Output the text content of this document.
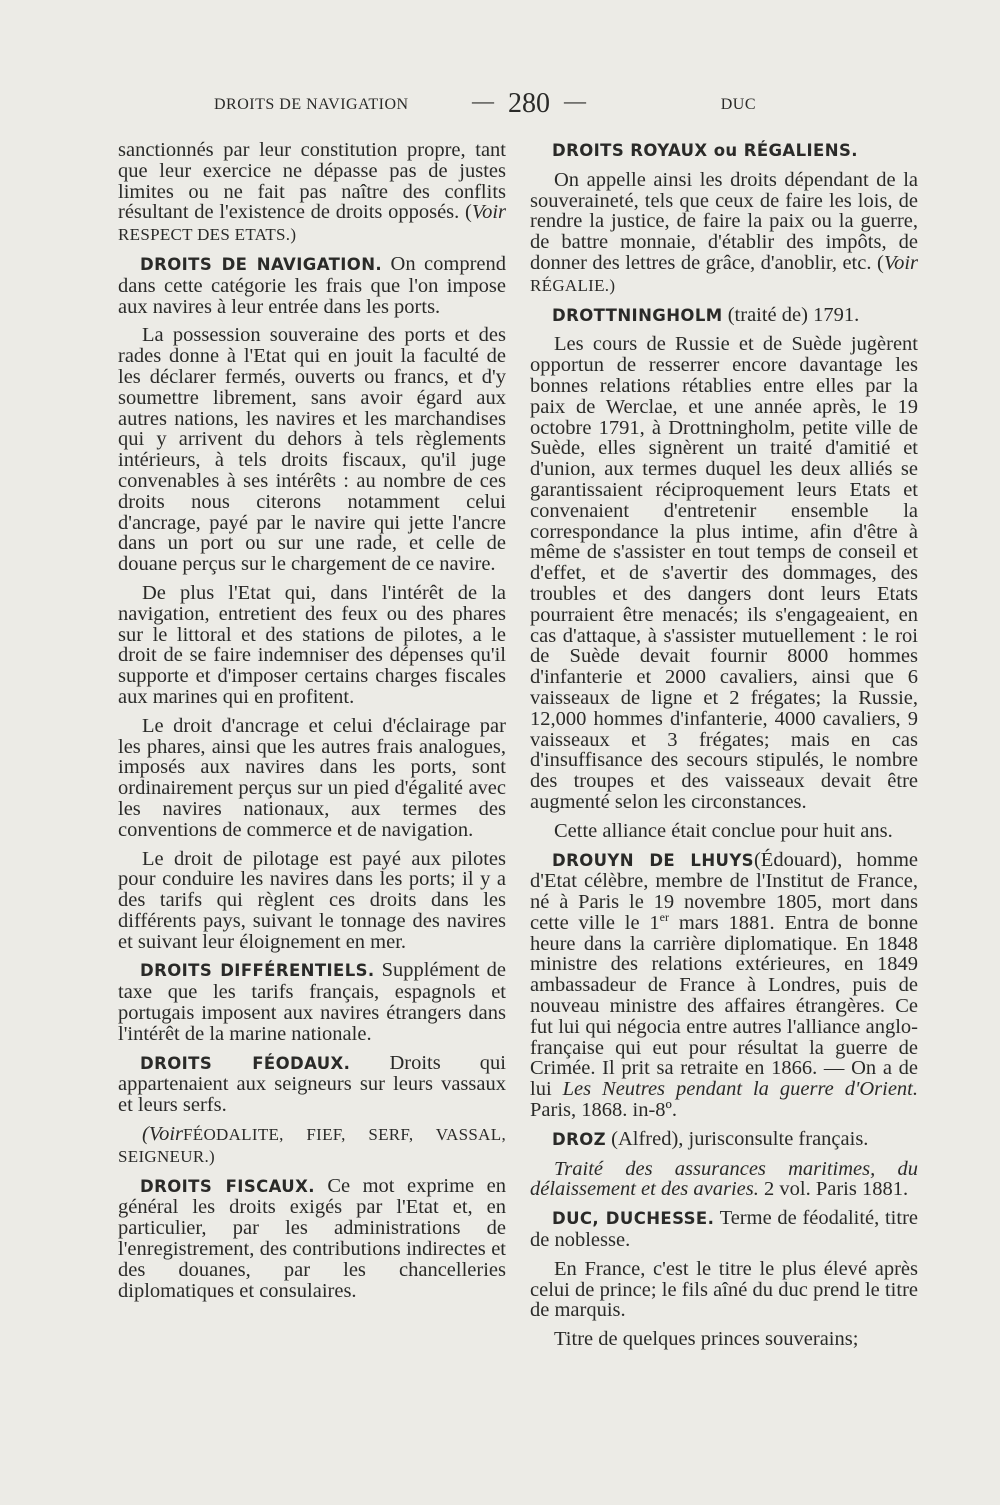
DROITS DE NAVIGATION	— 280 —	DUC

sanctionnés par leur constitution propre, tant que leur exercice ne dépasse pas de justes limites ou ne fait pas naître des conflits résultant de l'existence de droits opposés. (Voir RESPECT DES ETATS.)

DROITS DE NAVIGATION. On comprend dans cette catégorie les frais que l'on impose aux navires à leur entrée dans les ports.

La possession souveraine des ports et des rades donne à l'Etat qui en jouit la faculté de les déclarer fermés, ouverts ou francs, et d'y soumettre librement, sans avoir égard aux autres nations, les navires et les marchandises qui y arrivent du dehors à tels règlements intérieurs, à tels droits fiscaux, qu'il juge convenables à ses intérêts : au nombre de ces droits nous citerons notamment celui d'ancrage, payé par le navire qui jette l'ancre dans un port ou sur une rade, et celle de douane perçus sur le chargement de ce navire.

De plus l'Etat qui, dans l'intérêt de la navigation, entretient des feux ou des phares sur le littoral et des stations de pilotes, a le droit de se faire indemniser des dépenses qu'il supporte et d'imposer certains charges fiscales aux marines qui en profitent.

Le droit d'ancrage et celui d'éclairage par les phares, ainsi que les autres frais analogues, imposés aux navires dans les ports, sont ordinairement perçus sur un pied d'égalité avec les navires nationaux, aux termes des conventions de commerce et de navigation.

Le droit de pilotage est payé aux pilotes pour conduire les navires dans les ports; il y a des tarifs qui règlent ces droits dans les différents pays, suivant le tonnage des navires et suivant leur éloignement en mer.

DROITS DIFFÉRENTIELS. Supplément de taxe que les tarifs français, espagnols et portugais imposent aux navires étrangers dans l'intérêt de la marine nationale.

DROITS FÉODAUX. Droits qui appartenaient aux seigneurs sur leurs vassaux et leurs serfs.

(VoirFÉODALITE, FIEF, SERF, VASSAL, SEIGNEUR.)

DROITS FISCAUX. Ce mot exprime en général les droits exigés par l'Etat et, en particulier, par les administrations de l'enregistrement, des contributions indirectes et des douanes, par les chancelleries diplomatiques et consulaires.

DROITS ROYAUX ou RÉGALIENS.

On appelle ainsi les droits dépendant de la souveraineté, tels que ceux de faire les lois, de rendre la justice, de faire la paix ou la guerre, de battre monnaie, d'établir des impôts, de donner des lettres de grâce, d'anoblir, etc. (Voir RÉGALIE.)

DROTTNINGHOLM (traité de) 1791.

Les cours de Russie et de Suède jugèrent opportun de resserrer encore davantage les bonnes relations rétablies entre elles par la paix de Werclae, et une année après, le 19 octobre 1791, à Drottningholm, petite ville de Suède, elles signèrent un traité d'amitié et d'union, aux termes duquel les deux alliés se garantissaient réciproquement leurs Etats et convenaient d'entretenir ensemble la correspondance la plus intime, afin d'être à même de s'assister en tout temps de conseil et d'effet, et de s'avertir des dommages, des troubles et des dangers dont leurs Etats pourraient être menacés; ils s'engageaient, en cas d'attaque, à s'assister mutuellement : le roi de Suède devait fournir 8000 hommes d'infanterie et 2000 cavaliers, ainsi que 6 vaisseaux de ligne et 2 frégates; la Russie, 12,000 hommes d'infanterie, 4000 cavaliers, 9 vaisseaux et 3 frégates; mais en cas d'insuffisance des secours stipulés, le nombre des troupes et des vaisseaux devait être augmenté selon les circonstances.

Cette alliance était conclue pour huit ans.

DROUYN DE LHUYS(Édouard), homme d'Etat célèbre, membre de l'Institut de France, né à Paris le 19 novembre 1805, mort dans cette ville le 1er mars 1881. Entra de bonne heure dans la carrière diplomatique. En 1848 ministre des relations extérieures, en 1849 ambassadeur de France à Londres, puis de nouveau ministre des affaires étrangères. Ce fut lui qui négocia entre autres l'alliance anglo-française qui eut pour résultat la guerre de Crimée. Il prit sa retraite en 1866. — On a de lui Les Neutres pendant la guerre d'Orient. Paris, 1868. in-8º.

DROZ (Alfred), jurisconsulte français.

Traité des assurances maritimes, du délaissement et des avaries. 2 vol. Paris 1881.

DUC, DUCHESSE. Terme de féodalité, titre de noblesse.

En France, c'est le titre le plus élevé après celui de prince; le fils aîné du duc prend le titre de marquis.

Titre de quelques princes souverains;
